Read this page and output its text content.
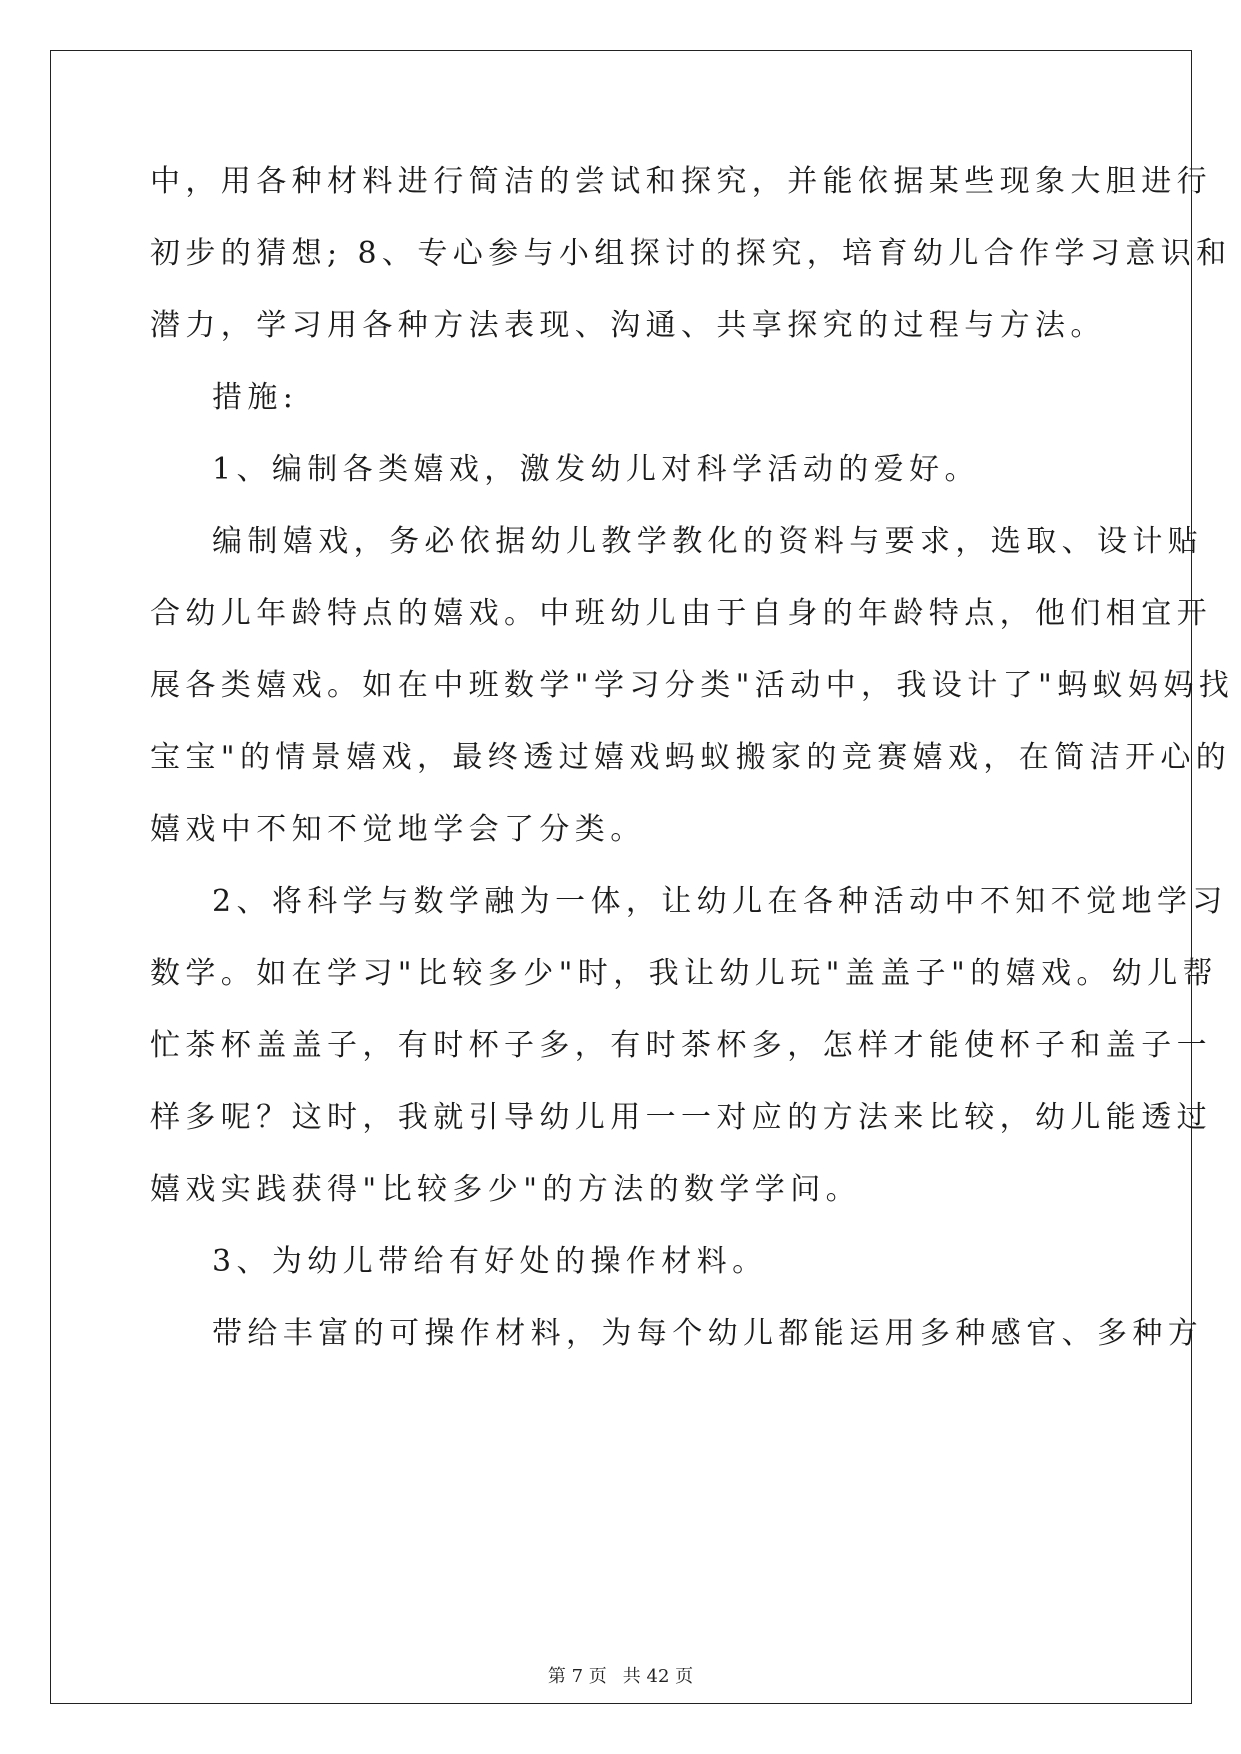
中，用各种材料进行简洁的尝试和探究，并能依据某些现象大胆进行
初步的猜想; 8、专心参与小组探讨的探究，培育幼儿合作学习意识和
潜力，学习用各种方法表现、沟通、共享探究的过程与方法。
措施:
1、编制各类嬉戏，激发幼儿对科学活动的爱好。
编制嬉戏，务必依据幼儿教学教化的资料与要求，选取、设计贴
合幼儿年龄特点的嬉戏。中班幼儿由于自身的年龄特点，他们相宜开
展各类嬉戏。如在中班数学"学习分类"活动中，我设计了"蚂蚁妈妈找
宝宝"的情景嬉戏，最终透过嬉戏蚂蚁搬家的竞赛嬉戏，在简洁开心的
嬉戏中不知不觉地学会了分类。
2、将科学与数学融为一体，让幼儿在各种活动中不知不觉地学习
数学。如在学习"比较多少"时，我让幼儿玩"盖盖子"的嬉戏。幼儿帮
忙茶杯盖盖子，有时杯子多，有时茶杯多，怎样才能使杯子和盖子一
样多呢？这时，我就引导幼儿用一一对应的方法来比较，幼儿能透过
嬉戏实践获得"比较多少"的方法的数学学问。
3、为幼儿带给有好处的操作材料。
带给丰富的可操作材料，为每个幼儿都能运用多种感官、多种方
第 7 页 共 42 页
